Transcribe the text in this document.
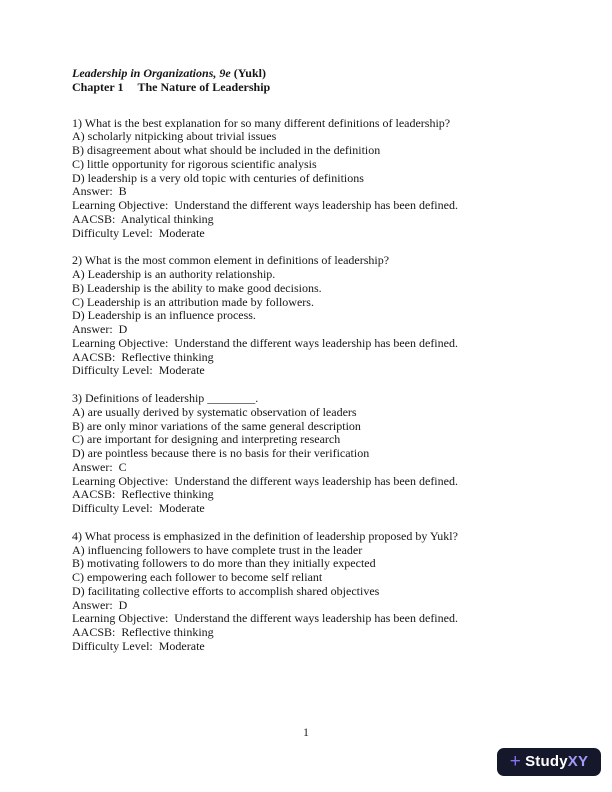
Leadership in Organizations, 9e (Yukl)
Chapter 1 The Nature of Leadership
1) What is the best explanation for so many different definitions of leadership?
A) scholarly nitpicking about trivial issues
B) disagreement about what should be included in the definition
C) little opportunity for rigorous scientific analysis
D) leadership is a very old topic with centuries of definitions
Answer:  B
Learning Objective:  Understand the different ways leadership has been defined.
AACSB:  Analytical thinking
Difficulty Level:  Moderate
2) What is the most common element in definitions of leadership?
A) Leadership is an authority relationship.
B) Leadership is the ability to make good decisions.
C) Leadership is an attribution made by followers.
D) Leadership is an influence process.
Answer:  D
Learning Objective:  Understand the different ways leadership has been defined.
AACSB:  Reflective thinking
Difficulty Level:  Moderate
3) Definitions of leadership ________.
A) are usually derived by systematic observation of leaders
B) are only minor variations of the same general description
C) are important for designing and interpreting research
D) are pointless because there is no basis for their verification
Answer:  C
Learning Objective:  Understand the different ways leadership has been defined.
AACSB:  Reflective thinking
Difficulty Level:  Moderate
4) What process is emphasized in the definition of leadership proposed by Yukl?
A) influencing followers to have complete trust in the leader
B) motivating followers to do more than they initially expected
C) empowering each follower to become self reliant
D) facilitating collective efforts to accomplish shared objectives
Answer:  D
Learning Objective:  Understand the different ways leadership has been defined.
AACSB:  Reflective thinking
Difficulty Level:  Moderate
1
+ Study XY
